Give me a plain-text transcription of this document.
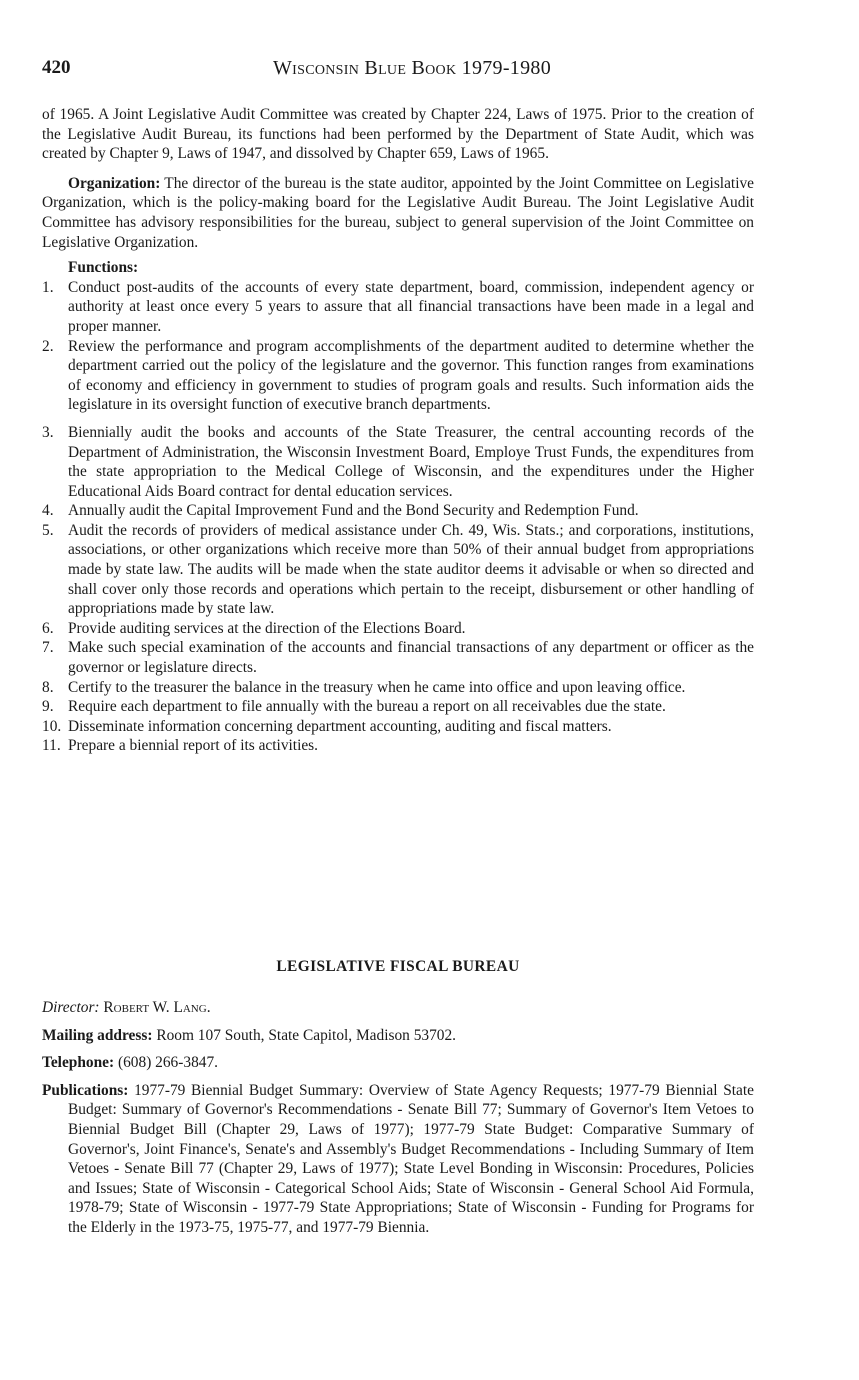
420	Wisconsin Blue Book 1979-1980

of 1965. A Joint Legislative Audit Committee was created by Chapter 224, Laws of 1975. Prior to the creation of the Legislative Audit Bureau, its functions had been performed by the Department of State Audit, which was created by Chapter 9, Laws of 1947, and dissolved by Chapter 659, Laws of 1965.

Organization: The director of the bureau is the state auditor, appointed by the Joint Committee on Legislative Organization, which is the policy-making board for the Legislative Audit Bureau. The Joint Legislative Audit Committee has advisory responsibilities for the bureau, subject to general supervision of the Joint Committee on Legislative Organization.

Functions:
1. Conduct post-audits of the accounts of every state department, board, commission, independent agency or authority at least once every 5 years to assure that all financial transactions have been made in a legal and proper manner.
2. Review the performance and program accomplishments of the department audited to determine whether the department carried out the policy of the legislature and the governor. This function ranges from examinations of economy and efficiency in government to studies of program goals and results. Such information aids the legislature in its oversight function of executive branch departments.
3. Biennially audit the books and accounts of the State Treasurer, the central accounting records of the Department of Administration, the Wisconsin Investment Board, Employe Trust Funds, the expenditures from the state appropriation to the Medical College of Wisconsin, and the expenditures under the Higher Educational Aids Board contract for dental education services.
4. Annually audit the Capital Improvement Fund and the Bond Security and Redemption Fund.
5. Audit the records of providers of medical assistance under Ch. 49, Wis. Stats.; and corporations, institutions, associations, or other organizations which receive more than 50% of their annual budget from appropriations made by state law. The audits will be made when the state auditor deems it advisable or when so directed and shall cover only those records and operations which pertain to the receipt, disbursement or other handling of appropriations made by state law.
6. Provide auditing services at the direction of the Elections Board.
7. Make such special examination of the accounts and financial transactions of any department or officer as the governor or legislature directs.
8. Certify to the treasurer the balance in the treasury when he came into office and upon leaving office.
9. Require each department to file annually with the bureau a report on all receivables due the state.
10. Disseminate information concerning department accounting, auditing and fiscal matters.
11. Prepare a biennial report of its activities.
LEGISLATIVE FISCAL BUREAU

Director: Robert W. Lang.

Mailing address: Room 107 South, State Capitol, Madison 53702.

Telephone: (608) 266-3847.

Publications: 1977-79 Biennial Budget Summary: Overview of State Agency Requests; 1977-79 Biennial State Budget: Summary of Governor's Recommendations - Senate Bill 77; Summary of Governor's Item Vetoes to Biennial Budget Bill (Chapter 29, Laws of 1977); 1977-79 State Budget: Comparative Summary of Governor's, Joint Finance's, Senate's and Assembly's Budget Recommendations - Including Summary of Item Vetoes - Senate Bill 77 (Chapter 29, Laws of 1977); State Level Bonding in Wisconsin: Procedures, Policies and Issues; State of Wisconsin - Categorical School Aids; State of Wisconsin - General School Aid Formula, 1978-79; State of Wisconsin - 1977-79 State Appropriations; State of Wisconsin - Funding for Programs for the Elderly in the 1973-75, 1975-77, and 1977-79 Biennia.
